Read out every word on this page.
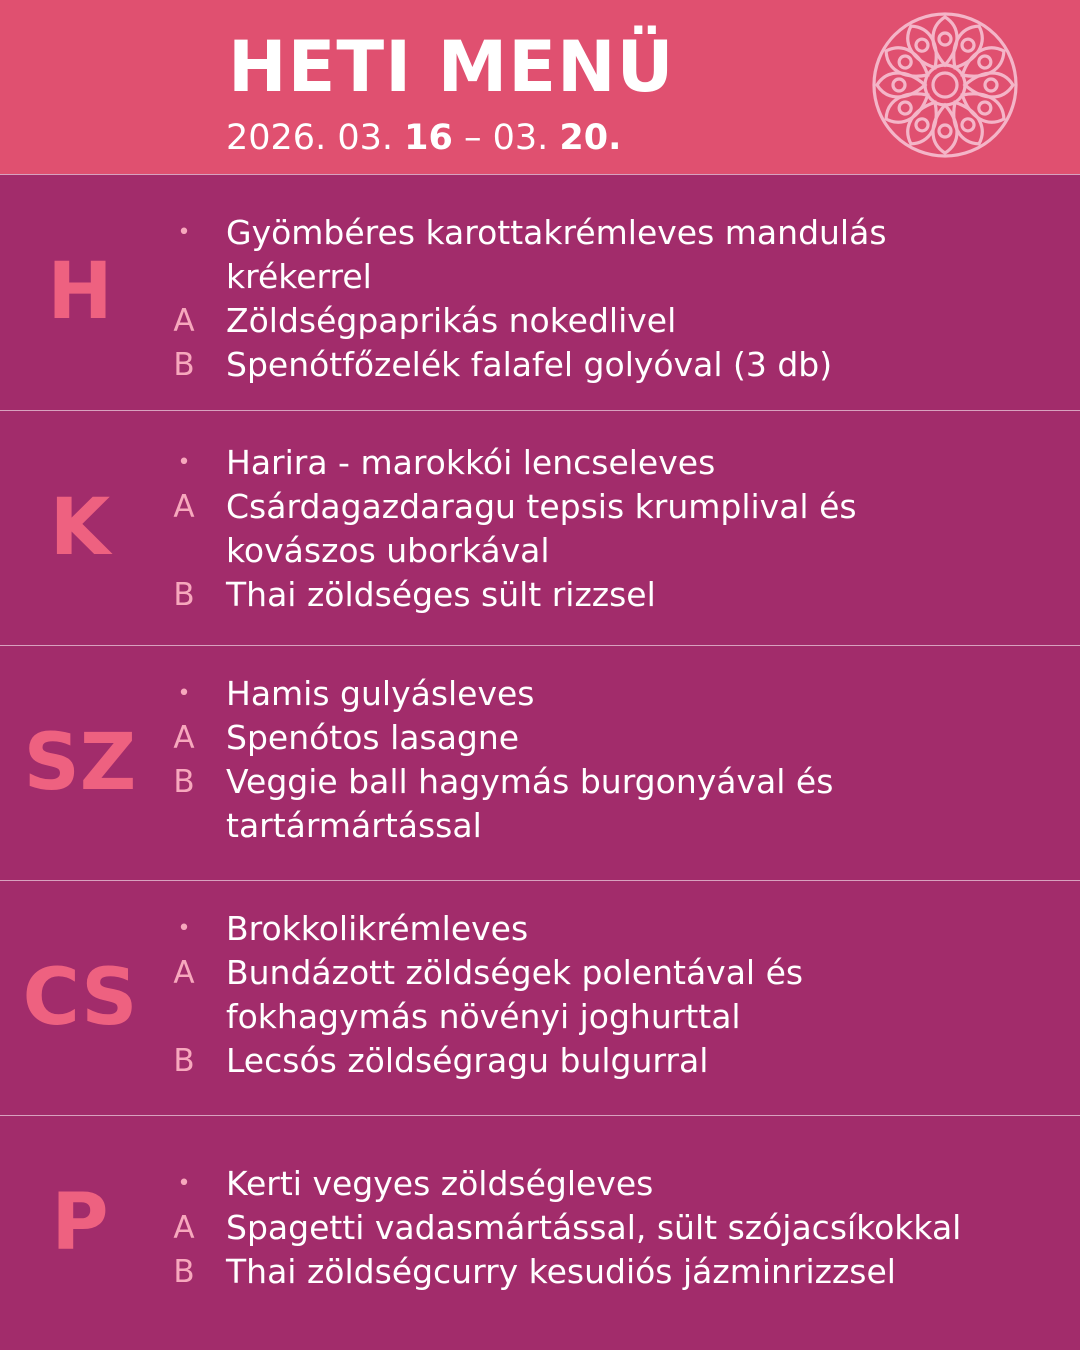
HETI MENÜ
2026. 03. 16 – 03. 20.
H
•	Gyömbéres karottakrémleves mandulás
krékerrel
A Zöldségpaprikás nokedlivel
B Spenótfőzelék falafel golyóval (3 db)
K
•	Harira - marokkói lencseleves
A Csárdagazdaragu tepsis krumplival és
kovászos uborkával
B Thai zöldséges sült rizzsel
SZ
•	Hamis gulyásleves
A Spenótos lasagne
B Veggie ball hagymás burgonyával és
tartármártással
CS
•	Brokkolikrémleves
A Bundázott zöldségek polentával és
fokhagymás növényi joghurttal
B Lecsós zöldségragu bulgurral
P	•	Kerti vegyes zöldségleves
A Spagetti vadasmártással, sült szójacsíkokkal
B Thai zöldségcurry kesudiós jázminrizzsel
